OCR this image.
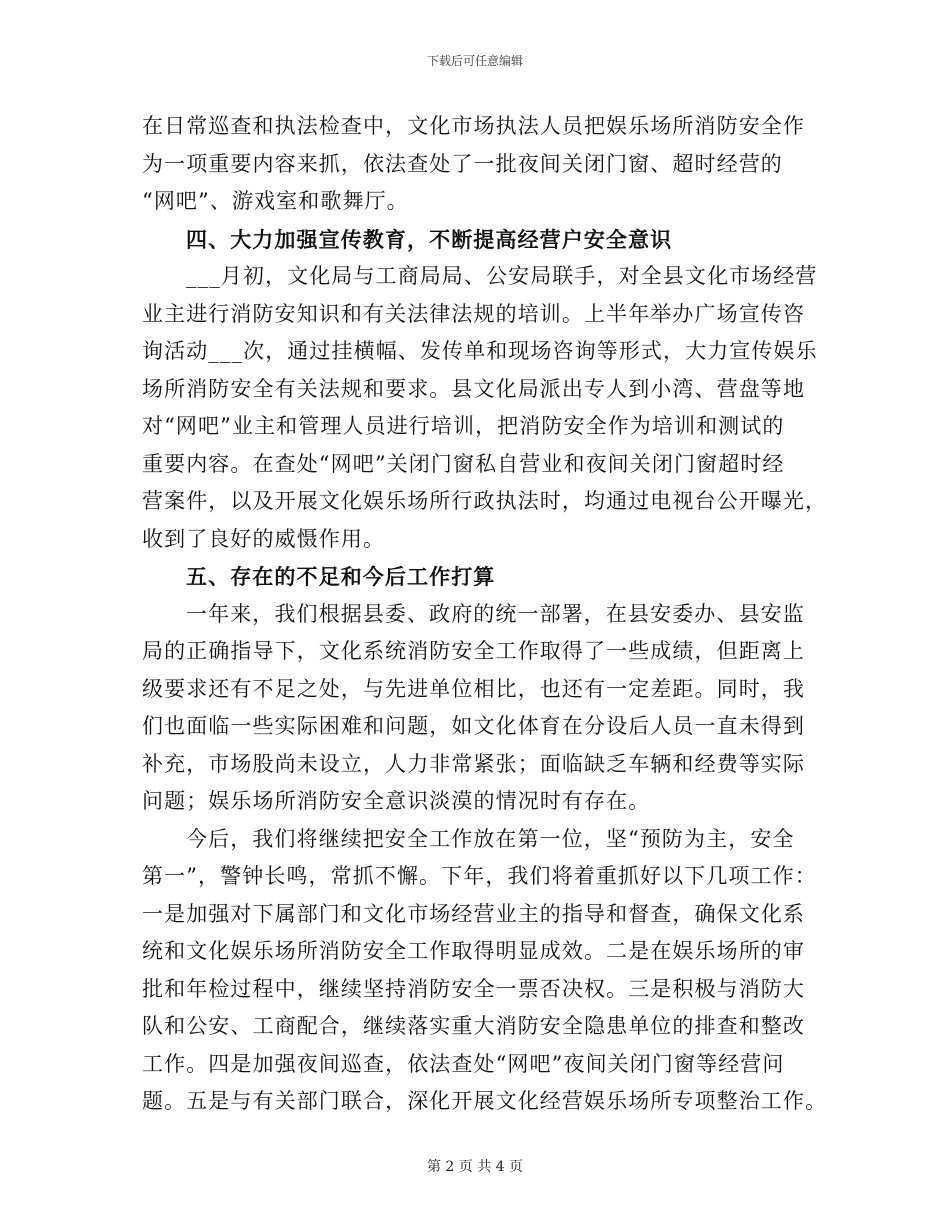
下载后可任意编辑
在日常巡查和执法检查中，文化市场执法人员把娱乐场所消防安全作
为一项重要内容来抓，依法查处了一批夜间关闭门窗、超时经营的
“网吧”、游戏室和歌舞厅。
四、大力加强宣传教育，不断提高经营户安全意识
___月初，文化局与工商局局、公安局联手，对全县文化市场经营
业主进行消防安知识和有关法律法规的培训。上半年举办广场宣传咨
询活动___次，通过挂横幅、发传单和现场咨询等形式，大力宣传娱乐
场所消防安全有关法规和要求。县文化局派出专人到小湾、营盘等地
对“网吧”业主和管理人员进行培训，把消防安全作为培训和测试的
重要内容。在查处“网吧”关闭门窗私自营业和夜间关闭门窗超时经
营案件，以及开展文化娱乐场所行政执法时，均通过电视台公开曝光，
收到了良好的威慑作用。
五、存在的不足和今后工作打算
一年来，我们根据县委、政府的统一部署，在县安委办、县安监
局的正确指导下，文化系统消防安全工作取得了一些成绩，但距离上
级要求还有不足之处，与先进单位相比，也还有一定差距。同时，我
们也面临一些实际困难和问题，如文化体育在分设后人员一直未得到
补充，市场股尚未设立，人力非常紧张；面临缺乏车辆和经费等实际
问题；娱乐场所消防安全意识淡漠的情况时有存在。
今后，我们将继续把安全工作放在第一位，坚“预防为主，安全
第一”，警钟长鸣，常抓不懈。下年，我们将着重抓好以下几项工作：
一是加强对下属部门和文化市场经营业主的指导和督查，确保文化系
统和文化娱乐场所消防安全工作取得明显成效。二是在娱乐场所的审
批和年检过程中，继续坚持消防安全一票否决权。三是积极与消防大
队和公安、工商配合，继续落实重大消防安全隐患单位的排查和整改
工作。四是加强夜间巡查，依法查处“网吧”夜间关闭门窗等经营问
题。五是与有关部门联合，深化开展文化经营娱乐场所专项整治工作。
第 2 页 共 4 页
